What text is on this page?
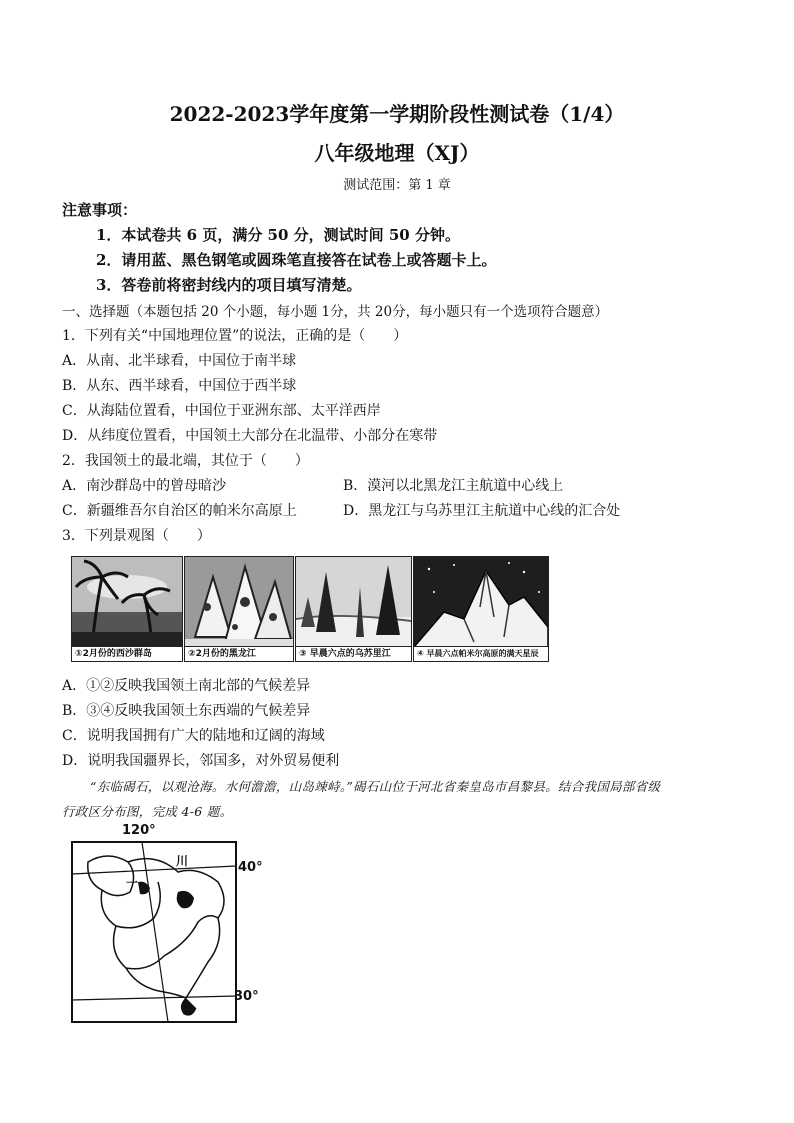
2022-2023学年度第一学期阶段性测试卷（1/4）
八年级地理（XJ）
测试范围：第 1 章
注意事项：
1．本试卷共 6 页，满分 50 分，测试时间 50 分钟。
2．请用蓝、黑色钢笔或圆珠笔直接答在试卷上或答题卡上。
3．答卷前将密封线内的项目填写清楚。
一、选择题（本题包括 20 个小题，每小题 1分，共 20分，每小题只有一个选项符合题意）
1．下列有关“中国地理位置”的说法，正确的是（　　）
A．从南、北半球看，中国位于南半球
B．从东、西半球看，中国位于西半球
C．从海陆位置看，中国位于亚洲东部、太平洋西岸
D．从纬度位置看，中国领土大部分在北温带、小部分在寒带
2．我国领土的最北端，其位于（　　）
A．南沙群岛中的曾母暗沙	B．漠河以北黑龙江主航道中心线上
C．新疆维吾尔自治区的帕米尔高原上	D．黑龙江与乌苏里江主航道中心线的汇合处
3．下列景观图（　　）
①2月份的西沙群岛	②2月份的黑龙江	③ 早晨六点的乌苏里江	④ 早晨六点帕米尔高原的满天星辰
A．①②反映我国领土南北部的气候差异
B．③④反映我国领土东西端的气候差异
C．说明我国拥有广大的陆地和辽阔的海域
D．说明我国疆界长，邻国多，对外贸易便利
“东临碣石，以观沧海。水何澹澹，山岛竦峙。”碣石山位于河北省秦皇岛市昌黎县。结合我国局部省级
行政区分布图，完成 4-6 题。
120°
40°
30°
一
川
